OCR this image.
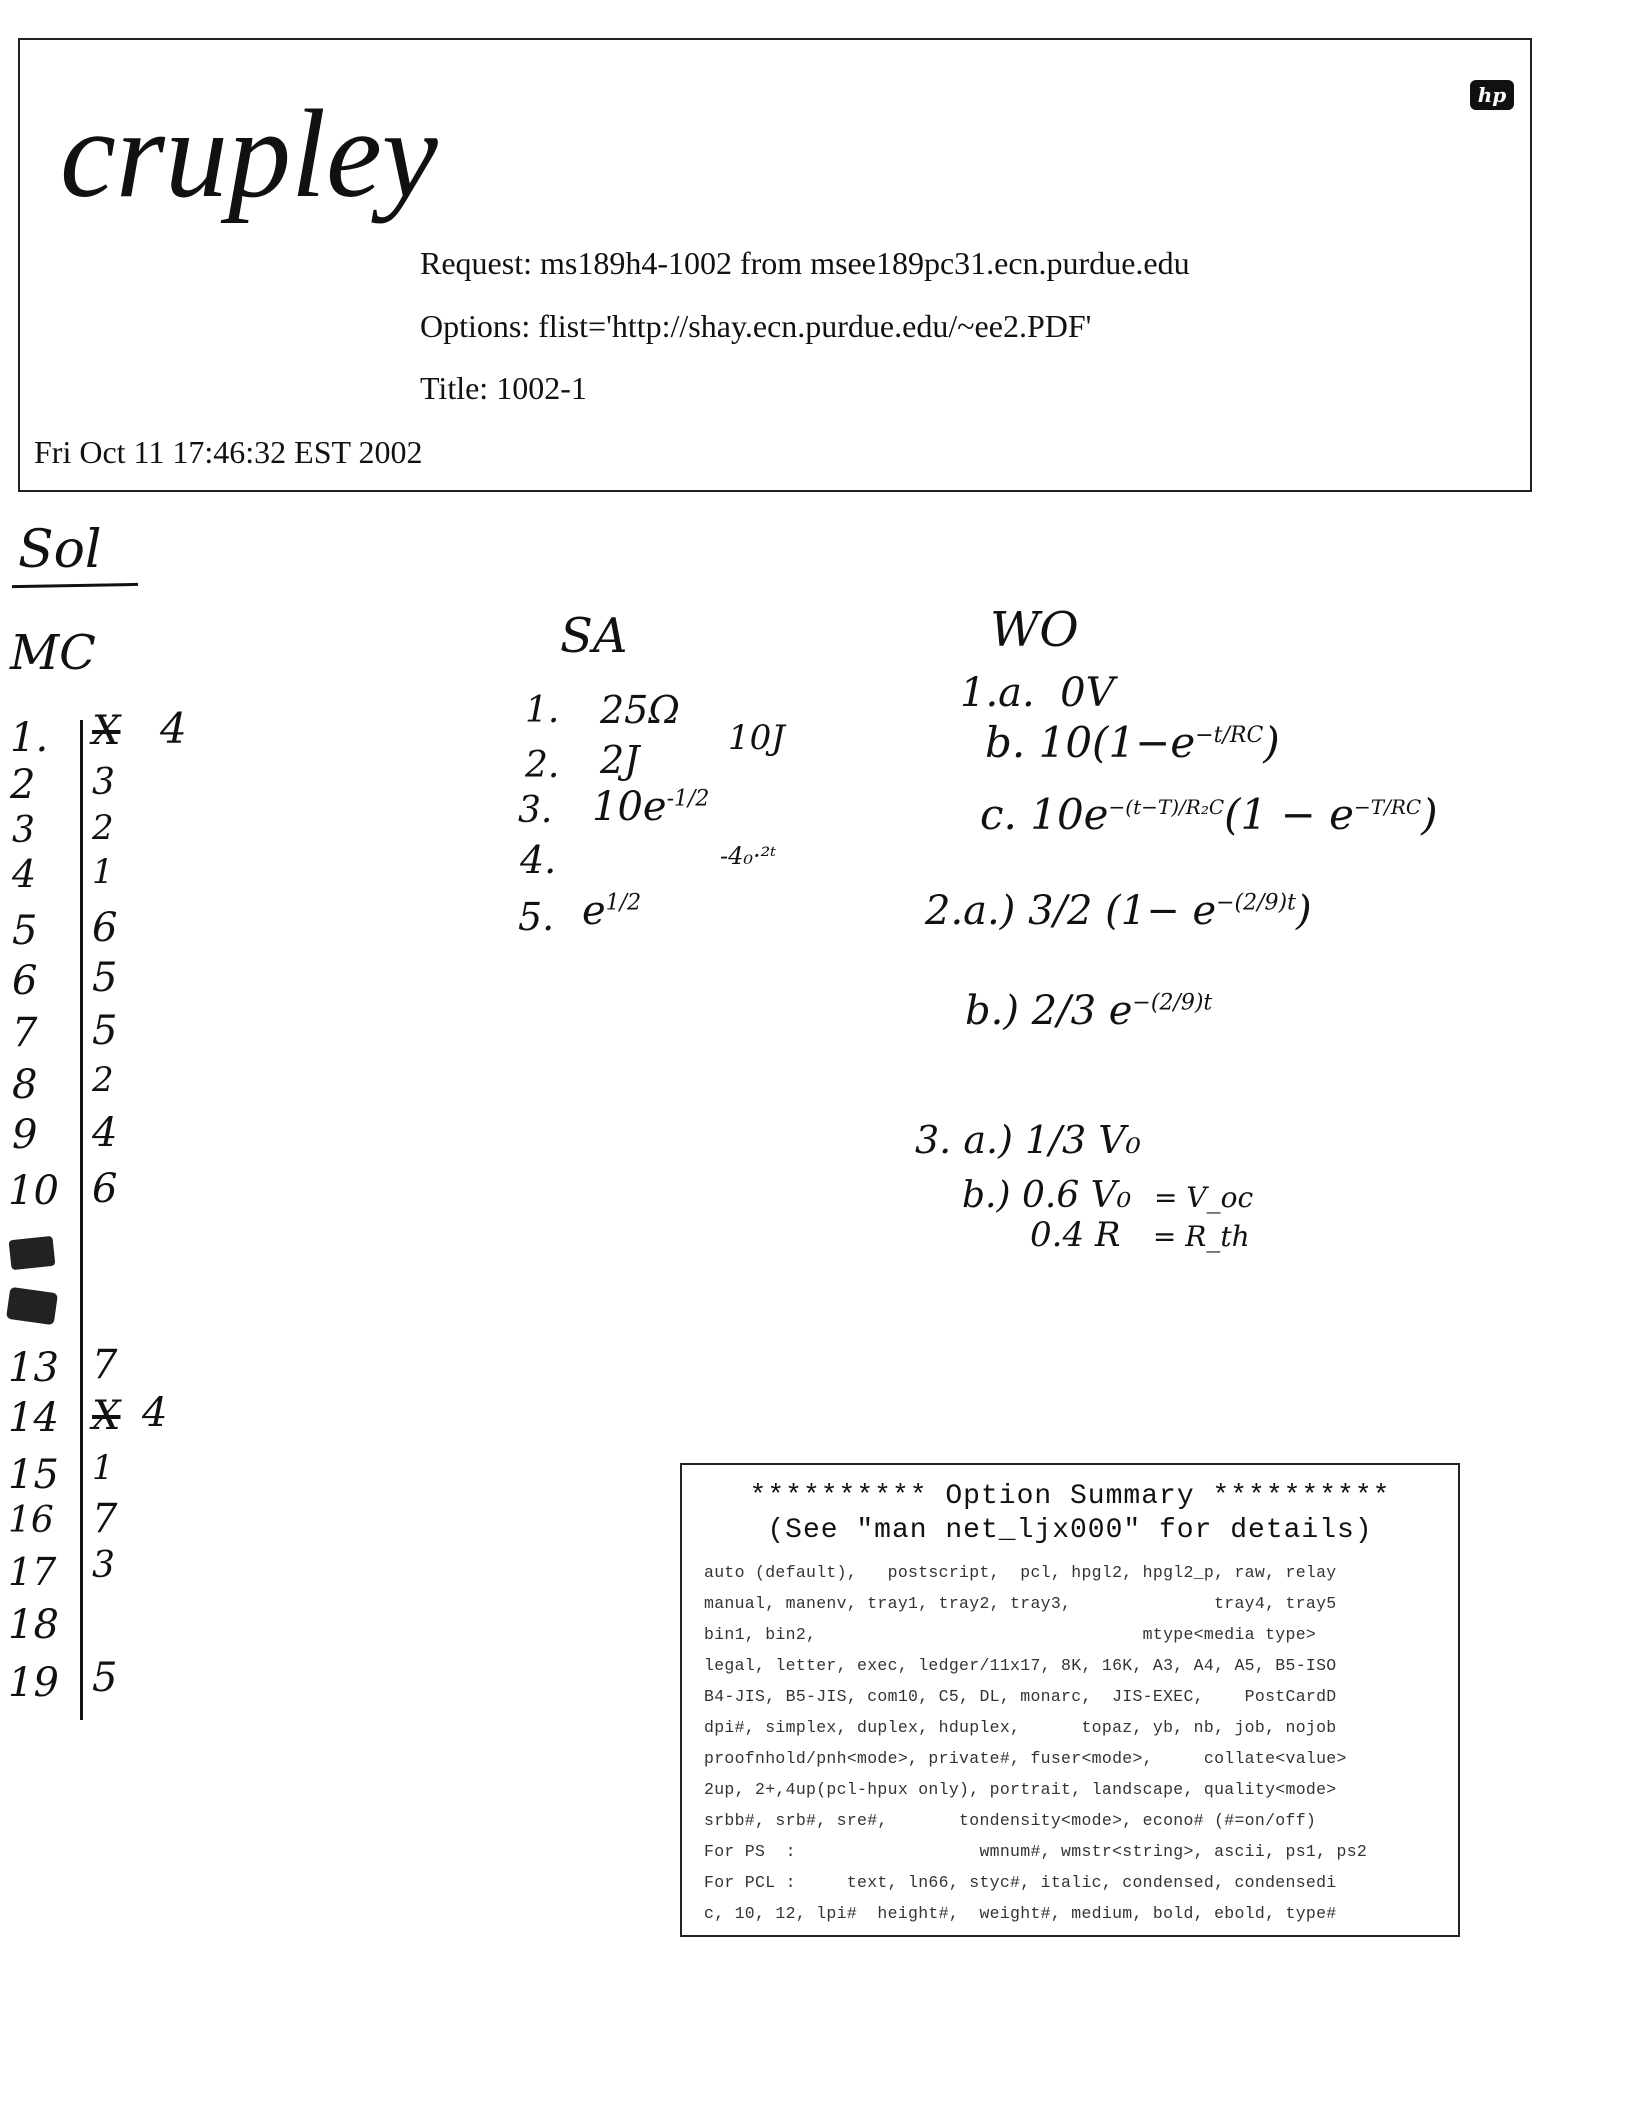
hp
crupley
Request: ms189h4-1002 from msee189pc31.ecn.purdue.edu
Options: flist='http://shay.ecn.purdue.edu/~ee2.PDF'
Title: 1002-1
Fri Oct 11 17:46:32 EST 2002
Sol
MC
1. X 4
2 3
3 2
4 1
5 6
6 5
7 5
8 2
9 4
10 6
13 7
14 X 4
15 1
16 7
17 3
18
19 5
SA
1. 25Ω
2. 2J	10J
3. $10e^{-1/2}$
4.	-4₀·²ᵗ
5. $e^{1/2}$
WO
1.a. 0V
b. $10(1-e^{-t/RC})$
c. $10e^{-(t-T)/R_2C}(1 - e^{-T/RC})$
2.a.) 3/2 $(1- e^{-(2/9)t})$
b.) 2/3 $e^{-(2/9)t}$
3. a.) 1/3 V₀
b.) 0.6 V₀ = V_oc
0.4 R = R_th
********** Option Summary **********
(See "man net_ljx000" for details)
auto (default),   postscript,  pcl, hpgl2, hpgl2_p, raw, relay
manual, manenv, tray1, tray2, tray3,              tray4, tray5
bin1, bin2,                                mtype<media type>
legal, letter, exec, ledger/11x17, 8K, 16K, A3, A4, A5, B5-ISO
B4-JIS, B5-JIS, com10, C5, DL, monarc,  JIS-EXEC,    PostCardD
dpi#, simplex, duplex, hduplex,      topaz, yb, nb, job, nojob
proofnhold/pnh<mode>, private#, fuser<mode>,     collate<value>
2up, 2+,4up(pcl-hpux only), portrait, landscape, quality<mode>
srbb#, srb#, sre#,       tondensity<mode>, econo# (#=on/off)
For PS  :                  wmnum#, wmstr<string>, ascii, ps1, ps2
For PCL :     text, ln66, styc#, italic, condensed, condensedi
c, 10, 12, lpi#  height#,  weight#, medium, bold, ebold, type#
